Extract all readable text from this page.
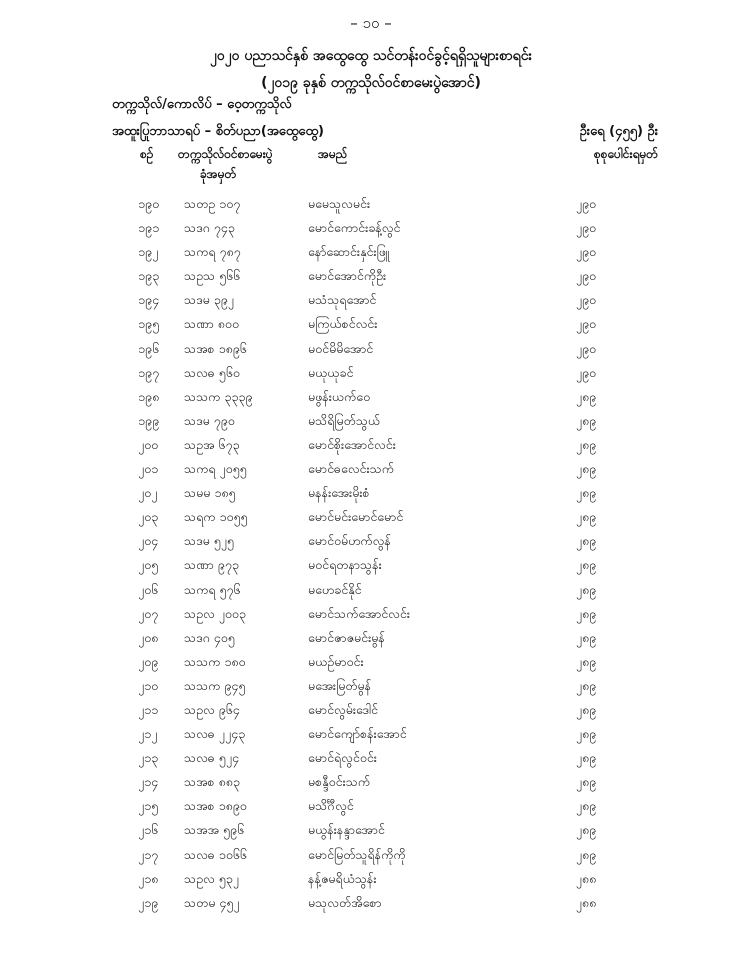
– ၁၀ –
၂၀၂၀ ပညာသင်နှစ် အထွေထွေ သင်တန်းဝင်ခွင့်ရရှိသူများစာရင်း
(၂၀၁၉ ခုနှစ် တက္ကသိုလ်ဝင်စာမေးပွဲအောင်)
တက္ကသိုလ်/ကောလိပ် – ဝေ့တက္ကသိုလ်
အထူးပြုဘာသာရပ် – စိတ်ပညာ(အထွေထွေ)	ဦးရေ (၄၅၅) ဦး
စဉ် တက္ကသိုလ်ဝင်စာမေးပွဲ
ခုံအမှတ်
အမည်	စုစုပေါင်းရမှတ်
၁၉၀ သတဥ ၁၀၇	မမေသူလမင်း	၂၉၀
၁၉၁ သဒဂ ၇၄၃	မောင်ကောင်းခန့်လွင်	၂၉၀
၁၉၂ သကရ ၇၈၇	နော်ဆောင်းနှင်းဖြူ	၂၉၀
၁၉၃ သဥသ ၅၆၆	မောင်အောင်ကိုဦး	၂၉၀
၁၉၄ သဒမ ၃၉၂	မသံသုရအောင်	၂၉၀
၁၉၅ သဏာ ၈၀၀	မကြယ်စင်လင်း	၂၉၀
၁၉၆ သအစ ၁၈၉၆	မဝင်မိမိအောင်	၂၉၀
၁၉၇ သလဓ ၅၆၀	မယုယုခင်	၂၉၀
၁၉၈ သသက ၃၃၃၉	မဖွန်းယက်ဝေ	၂၈၉
၁၉၉ သဒမ ၇၉၀	မသိရိမြတ်သွယ်	၂၈၉
၂၀၀ သဥအ ၆၇၃	မောင်စိုးအောင်လင်း	၂၈၉
၂၀၁ သကရ ၂၀၅၅	မောင်ဓလေင်းသက်	၂၈၉
၂၀၂ သမမ ၁၈၅	မနန်းအေးမိုးစံ	၂၈၉
၂၀၃ သရက ၁၀၅၅	မောင်မင်းမောင်မောင်	၂၈၉
၂၀၄ သဒမ ၅၂၅	မောင်ဝမ်ဟက်လွန်	၂၈၉
၂၀၅ သဏာ ၉၇၃	မဝင်ရတနာသွန်း	၂၈၉
၂၀၆ သကရ ၅၇၆	မဟေခင်နိုင်	၂၈၉
၂၀၇ သဥလ ၂၀၀၃	မောင်သက်အောင်လင်း	၂၈၉
၂၀၈ သဒဂ ၄၀၅	မောင်ဇာဇမင်းမွန်	၂၈၉
၂၀၉ သသက ၁၈၀	မယဉ်မာဝင်း	၂၈၉
၂၁၀ သသက ၉၄၅	မအေးမြတ်မွန်	၂၈၉
၂၁၁ သဥလ ၉၆၄	မောင်လွမ်းဒေါင်	၂၈၉
၂၁၂ သလဓ ၂၂၄၃	မောင်ကျော်စန်းအောင်	၂၈၉
၂၁၃ သလဓ ၅၂၄	မောင်ရဲလွင်ဝင်း	၂၈၉
၂၁၄ သအစ ၈၈၃	မစန္ဒီဝင်းသက်	၂၈၉
၂၁၅ သအစ ၁၈၉၀	မသိင်္ဂီလွင်	၂၈၉
၂၁၆ သအအ ၅၉၆	မယွန်းနန္ဒာအောင်	၂၈၉
၂၁၇ သလဓ ၁၀၆၆	မောင်မြတ်သူရိန်ကိုကို	၂၈၉
၂၁၈ သဥလ ၅၃၂	နန့်ဇမရိယံသွန်း	၂၈၈
၂၁၉ သတမ ၄၅၂	မသုလတ်အိစော	၂၈၈
